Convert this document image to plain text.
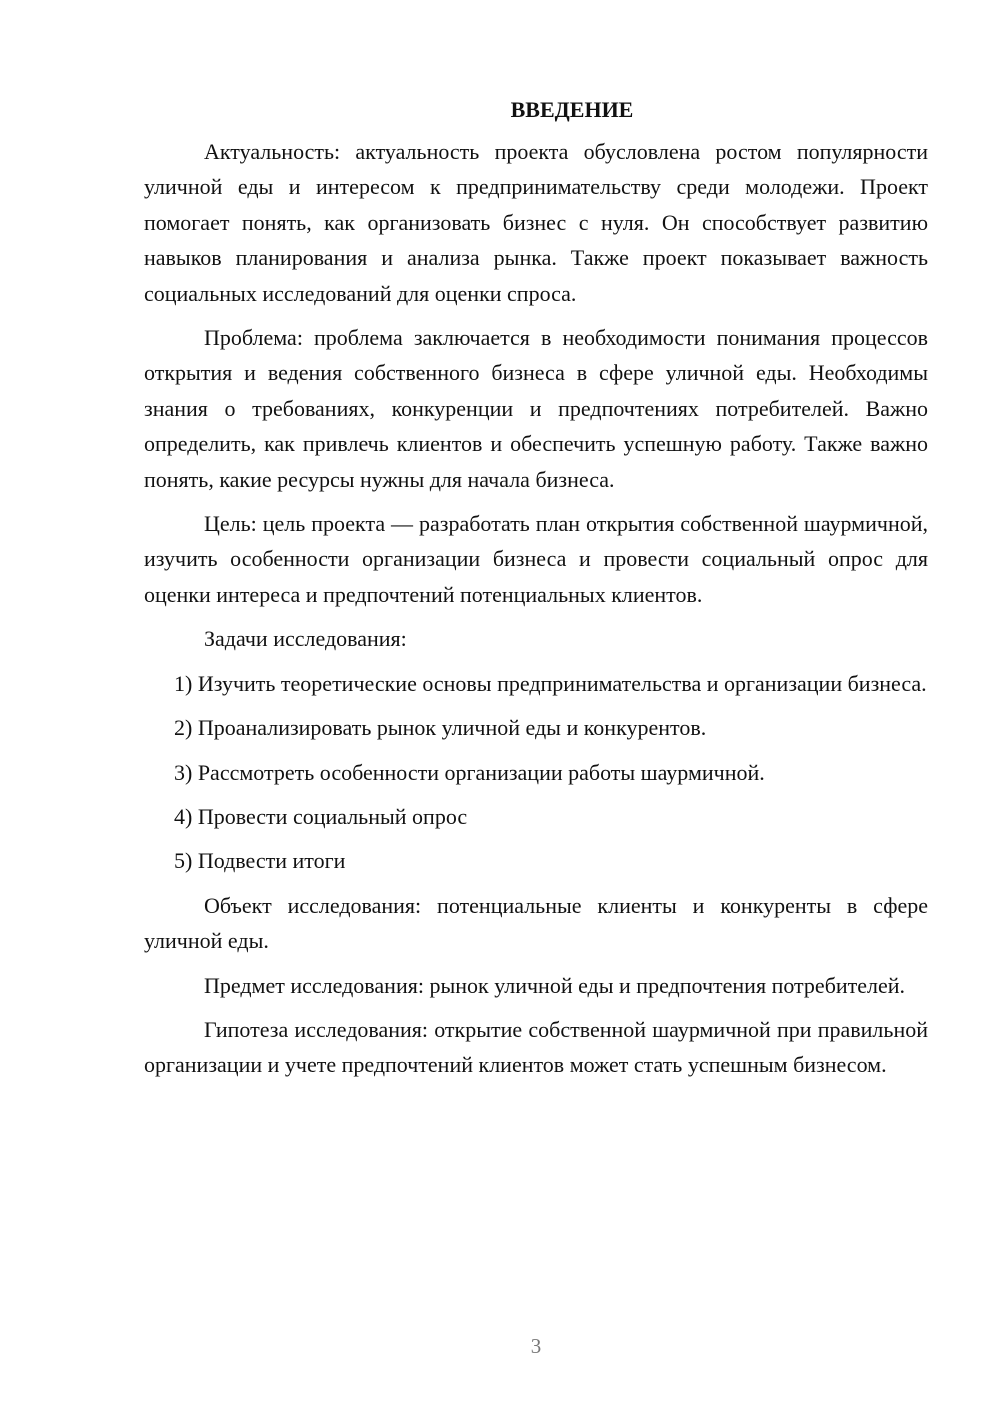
ВВЕДЕНИЕ

Актуальность: актуальность проекта обусловлена ростом популярности уличной еды и интересом к предпринимательству среди молодежи. Проект помогает понять, как организовать бизнес с нуля. Он способствует развитию навыков планирования и анализа рынка. Также проект показывает важность социальных исследований для оценки спроса.

Проблема: проблема заключается в необходимости понимания процессов открытия и ведения собственного бизнеса в сфере уличной еды. Необходимы знания о требованиях, конкуренции и предпочтениях потребителей. Важно определить, как привлечь клиентов и обеспечить успешную работу. Также важно понять, какие ресурсы нужны для начала бизнеса.

Цель: цель проекта — разработать план открытия собственной шаурмичной, изучить особенности организации бизнеса и провести социальный опрос для оценки интереса и предпочтений потенциальных клиентов.

Задачи исследования:

1) Изучить теоретические основы предпринимательства и организации бизнеса.

2) Проанализировать рынок уличной еды и конкурентов.

3) Рассмотреть особенности организации работы шаурмичной.

4) Провести социальный опрос

5) Подвести итоги

Объект исследования: потенциальные клиенты и конкуренты в сфере уличной еды.

Предмет исследования: рынок уличной еды и предпочтения потребителей.

Гипотеза исследования: открытие собственной шаурмичной при правильной организации и учете предпочтений клиентов может стать успешным бизнесом.

3
